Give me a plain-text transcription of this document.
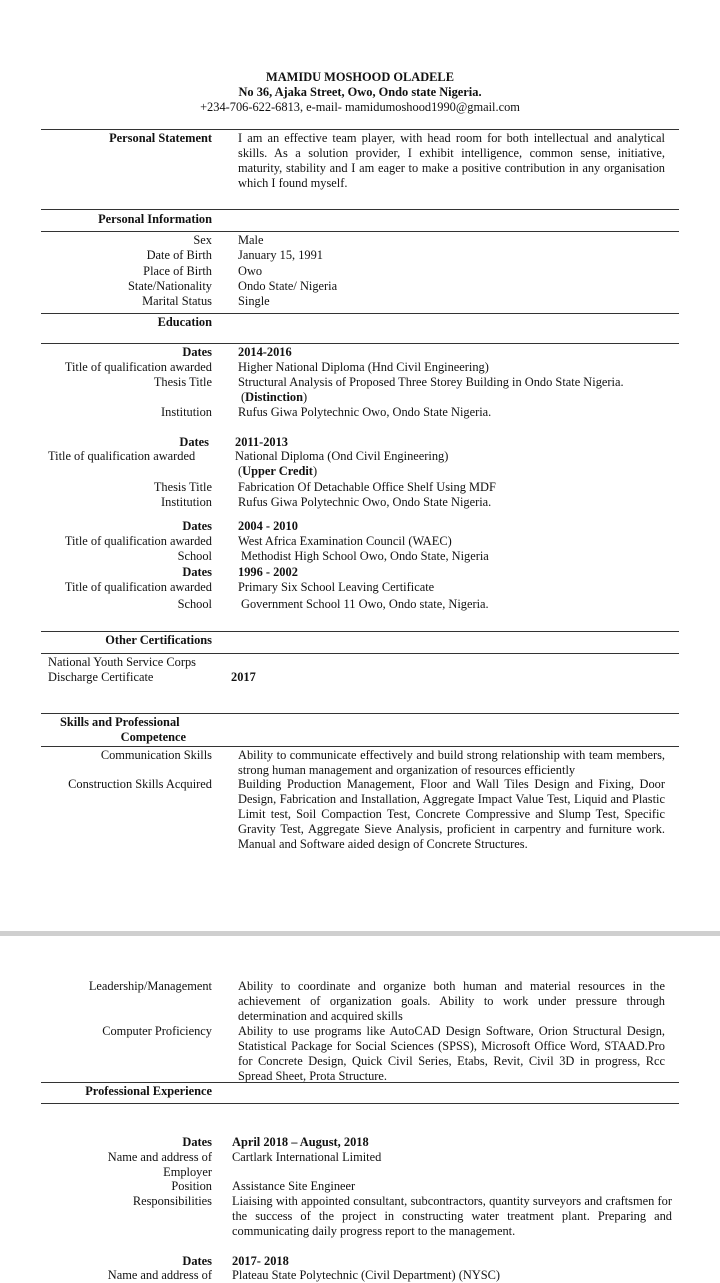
MAMIDU MOSHOOD OLADELE
No 36, Ajaka Street, Owo, Ondo state Nigeria.
+234-706-622-6813, e-mail- mamidumoshood1990@gmail.com
Personal Statement I am an effective team player, with head room for both intellectual and analytical skills. As a solution provider, I exhibit intelligence, common sense, initiative, maturity, stability and I am eager to make a positive contribution in any organisation which I found myself.
Personal Information
Sex Male
Date of Birth January 15, 1991
Place of Birth Owo
State/Nationality Ondo State/ Nigeria
Marital Status Single
Education
Dates 2014-2016
Title of qualification awarded Higher National Diploma (Hnd Civil Engineering)
Thesis Title Structural Analysis of Proposed Three Storey Building in Ondo State Nigeria.
(Distinction)
Institution Rufus Giwa Polytechnic Owo, Ondo State Nigeria.
Dates 2011-2013
Title of qualification awarded	National Diploma (Ond Civil Engineering)
(Upper Credit)
Thesis Title Fabrication Of Detachable Office Shelf Using MDF
Institution Rufus Giwa Polytechnic Owo, Ondo State Nigeria.
Dates 2004 - 2010
Title of qualification awarded West Africa Examination Council (WAEC)
School Methodist High School Owo, Ondo State, Nigeria
Dates 1996 - 2002
Title of qualification awarded Primary Six School Leaving Certificate
School Government School 11 Owo, Ondo state, Nigeria.
Other Certifications
National Youth Service Corps
Discharge Certificate	2017
Skills and Professional
Competence
Communication Skills Ability to communicate effectively and build strong relationship with team members, strong human management and organization of resources efficiently
Construction Skills Acquired Building Production Management, Floor and Wall Tiles Design and Fixing, Door Design, Fabrication and Installation, Aggregate Impact Value Test, Liquid and Plastic Limit test, Soil Compaction Test, Concrete Compressive and Slump Test, Specific Gravity Test, Aggregate Sieve Analysis, proficient in carpentry and furniture work. Manual and Software aided design of Concrete Structures.
Leadership/Management Ability to coordinate and organize both human and material resources in the achievement of organization goals. Ability to work under pressure through determination and acquired skills
Computer Proficiency Ability to use programs like AutoCAD Design Software, Orion Structural Design, Statistical Package for Social Sciences (SPSS), Microsoft Office Word, STAAD.Pro for Concrete Design, Quick Civil Series, Etabs, Revit, Civil 3D in progress, Rcc Spread Sheet, Prota Structure.
Professional Experience
Dates April 2018 – August, 2018
Name and address of Cartlark International Limited
Employer
Position Assistance Site Engineer
Responsibilities Liaising with appointed consultant, subcontractors, quantity surveyors and craftsmen for the success of the project in constructing water treatment plant. Preparing and communicating daily progress report to the management.
Dates 2017- 2018
Name and address of Plateau State Polytechnic (Civil Department) (NYSC)
